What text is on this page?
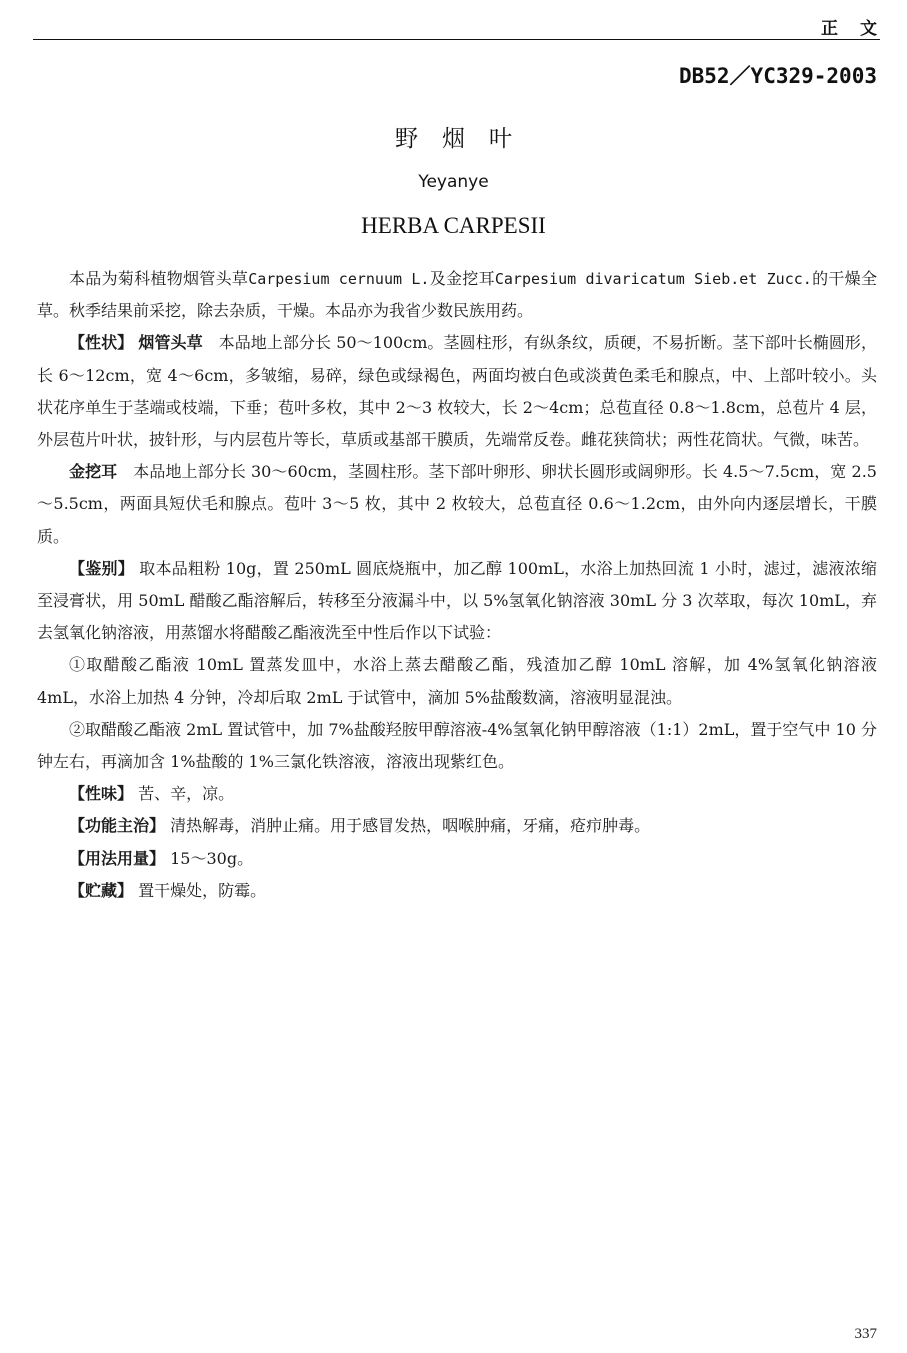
正文
DB52／YC329-2003
野烟叶
Yeyanye
HERBA CARPESII

本品为菊科植物烟管头草Carpesium cernuum L.及金挖耳Carpesium divaricatum Sieb.et Zucc.的干燥全草。秋季结果前采挖，除去杂质，干燥。本品亦为我省少数民族用药。

【性状】 烟管头草 本品地上部分长 50～100cm。茎圆柱形，有纵条纹，质硬，不易折断。茎下部叶长椭圆形，长 6～12cm，宽 4～6cm，多皱缩，易碎，绿色或绿褐色，两面均被白色或淡黄色柔毛和腺点，中、上部叶较小。头状花序单生于茎端或枝端，下垂；苞叶多枚，其中 2～3 枚较大，长 2～4cm；总苞直径 0.8～1.8cm，总苞片 4 层，外层苞片叶状，披针形，与内层苞片等长，草质或基部干膜质，先端常反卷。雌花狭筒状；两性花筒状。气微，味苦。

金挖耳 本品地上部分长 30～60cm，茎圆柱形。茎下部叶卵形、卵状长圆形或阔卵形。长 4.5～7.5cm，宽 2.5～5.5cm，两面具短伏毛和腺点。苞叶 3～5 枚，其中 2 枚较大，总苞直径 0.6～1.2cm，由外向内逐层增长，干膜质。

【鉴别】 取本品粗粉 10g，置 250mL 圆底烧瓶中，加乙醇 100mL，水浴上加热回流 1 小时，滤过，滤液浓缩至浸膏状，用 50mL 醋酸乙酯溶解后，转移至分液漏斗中，以 5%氢氧化钠溶液 30mL 分 3 次萃取，每次 10mL，弃去氢氧化钠溶液，用蒸馏水将醋酸乙酯液洗至中性后作以下试验：

①取醋酸乙酯液 10mL 置蒸发皿中，水浴上蒸去醋酸乙酯，残渣加乙醇 10mL 溶解，加 4%氢氧化钠溶液 4mL，水浴上加热 4 分钟，冷却后取 2mL 于试管中，滴加 5%盐酸数滴，溶液明显混浊。

②取醋酸乙酯液 2mL 置试管中，加 7%盐酸羟胺甲醇溶液-4%氢氧化钠甲醇溶液（1:1）2mL，置于空气中 10 分钟左右，再滴加含 1%盐酸的 1%三氯化铁溶液，溶液出现紫红色。

【性味】 苦、辛，凉。

【功能主治】 清热解毒，消肿止痛。用于感冒发热，咽喉肿痛，牙痛，疮疖肿毒。

【用法用量】 15～30g。

【贮藏】 置干燥处，防霉。

337
